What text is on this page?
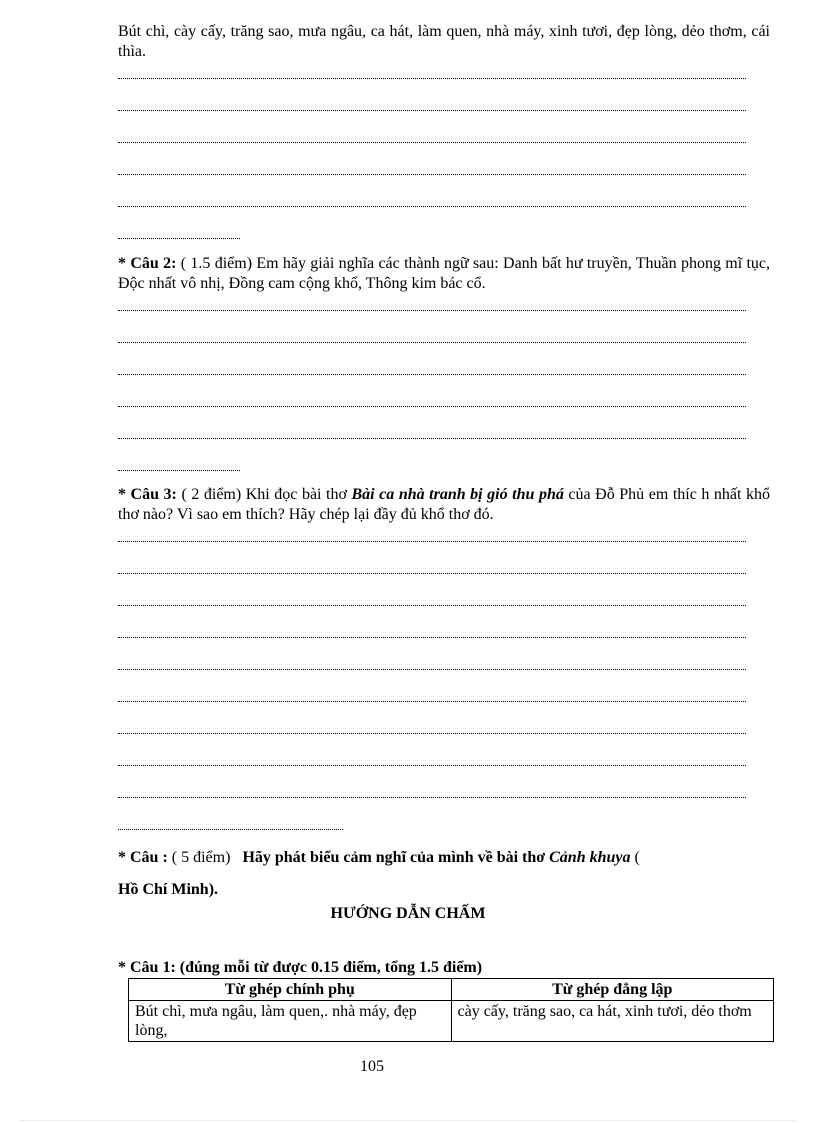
Bút chì, cày cấy, trăng sao, mưa ngâu, ca hát, làm quen, nhà máy, xinh tươi, đẹp lòng, dẻo thơm, cái thìa.
* Câu 2: ( 1.5 điểm) Em hãy giải nghĩa các thành ngữ sau: Danh bất hư truyền, Thuần phong mĩ tục, Độc nhất vô nhị, Đồng cam cộng khổ, Thông kim bác cổ.
* Câu 3: ( 2 điểm) Khi đọc bài thơ Bài ca nhà tranh bị gió thu phá của Đỗ Phủ em thíc h nhất khổ thơ nào? Vì sao em thích? Hãy chép lại đầy đủ khổ thơ đó.
* Câu : ( 5 điểm) Hãy phát biểu cảm nghĩ của mình về bài thơ Cảnh khuya (
Hồ Chí Minh).
HƯỚNG DẪN CHẤM
* Câu 1: (đúng mỗi từ được 0.15 điểm, tổng 1.5 điểm)
Từ ghép chính phụ	Từ ghép đẳng lập
Bút chì, mưa ngâu, làm quen,. nhà máy, đẹp lòng,	cày cấy, trăng sao, ca hát, xinh tươi, dẻo thơm
105
